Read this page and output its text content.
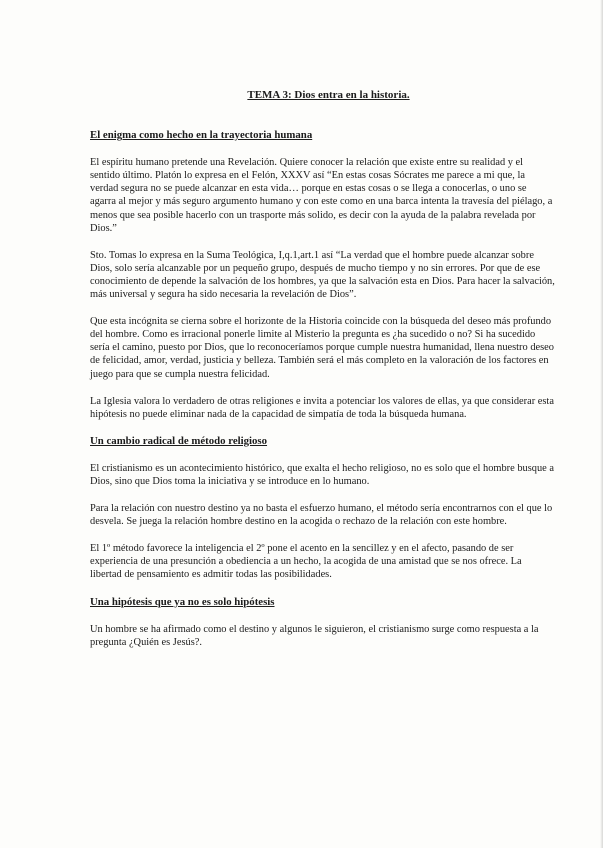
TEMA 3: Dios entra en la historia.
El enigma como hecho en la trayectoria humana

El espíritu humano pretende una Revelación. Quiere conocer la relación que existe entre su realidad y el sentido último. Platón lo expresa en el Felón, XXXV así “En estas cosas Sócrates me parece a mi que, la verdad segura no se puede alcanzar en esta vida… porque en estas cosas o se llega a conocerlas, o uno se agarra al mejor y más seguro argumento humano y con este como en una barca intenta la travesía del piélago, a menos que sea posible hacerlo con un trasporte más solido, es decir con la ayuda de la palabra revelada por Dios.”

Sto. Tomas lo expresa en la Suma Teológica, I,q.1,art.1 así “La verdad que el hombre puede alcanzar sobre Dios, solo sería alcanzable por un pequeño grupo, después de mucho tiempo y no sin errores. Por que de ese conocimiento de depende la salvación de los hombres, ya que la salvación esta en Dios. Para hacer la salvación, más universal y segura ha sido necesaria la revelación de Dios”.

Que esta incógnita se cierna sobre el horizonte de la Historia coincide con la búsqueda del deseo más profundo del hombre. Como es irracional ponerle limite al Misterio la pregunta es ¿ha sucedido o no? Si ha sucedido sería el camino, puesto por Dios, que lo reconoceríamos porque cumple nuestra humanidad, llena nuestro deseo de felicidad, amor, verdad, justicia y belleza. También será el más completo en la valoración de los factores en juego para que se cumpla nuestra felicidad.

La Iglesia valora lo verdadero de otras religiones e invita a potenciar los valores de ellas, ya que considerar esta hipótesis no puede eliminar nada de la capacidad de simpatía de toda la búsqueda humana.

Un cambio radical de método religioso

El cristianismo es un acontecimiento histórico, que exalta el hecho religioso, no es solo que el hombre busque a Dios, sino que Dios toma la iniciativa y se introduce en lo humano.

Para la relación con nuestro destino ya no basta el esfuerzo humano, el método sería encontrarnos con el que lo desvela. Se juega la relación hombre destino en la acogida o rechazo de la relación con este hombre.

El 1º método favorece la inteligencia el 2º pone el acento en la sencillez y en el afecto, pasando de ser experiencia de una presunción a obediencia a un hecho, la acogida de una amistad que se nos ofrece. La libertad de pensamiento es admitir todas las posibilidades.

Una hipótesis que ya no es solo hipótesis

Un hombre se ha afirmado como el destino y algunos le siguieron, el cristianismo surge como respuesta a la pregunta ¿Quién es Jesús?.
